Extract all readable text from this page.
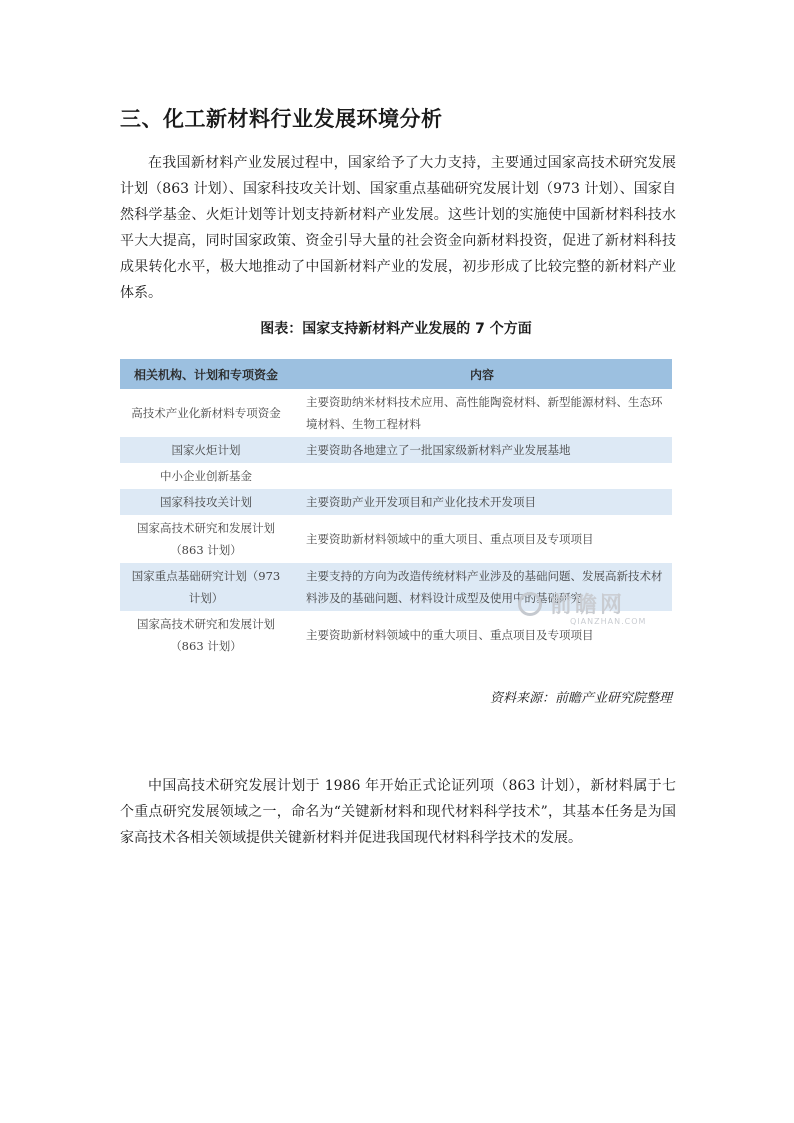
三、化工新材料行业发展环境分析

在我国新材料产业发展过程中，国家给予了大力支持，主要通过国家高技术研究发展计划（863 计划）、国家科技攻关计划、国家重点基础研究发展计划（973 计划）、国家自然科学基金、火炬计划等计划支持新材料产业发展。这些计划的实施使中国新材料科技水平大大提高，同时国家政策、资金引导大量的社会资金向新材料投资，促进了新材料科技成果转化水平，极大地推动了中国新材料产业的发展，初步形成了比较完整的新材料产业体系。

图表：国家支持新材料产业发展的 7 个方面
相关机构、计划和专项资金	内容
高技术产业化新材料专项资金	主要资助纳米材料技术应用、高性能陶瓷材料、新型能源材料、生态环境材料、生物工程材料
国家火炬计划	主要资助各地建立了一批国家级新材料产业发展基地
中小企业创新基金	
国家科技攻关计划	主要资助产业开发项目和产业化技术开发项目
国家高技术研究和发展计划（863 计划）	主要资助新材料领域中的重大项目、重点项目及专项项目
国家重点基础研究计划（973 计划）	主要支持的方向为改造传统材料产业涉及的基础问题、发展高新技术材料涉及的基础问题、材料设计成型及使用中的基础研究
国家高技术研究和发展计划（863 计划）	主要资助新材料领域中的重大项目、重点项目及专项项目
前瞻网
QIANZHAN.COM
资料来源：前瞻产业研究院整理

中国高技术研究发展计划于 1986 年开始正式论证列项（863 计划），新材料属于七个重点研究发展领域之一，命名为“关键新材料和现代材料科学技术”，其基本任务是为国家高技术各相关领域提供关键新材料并促进我国现代材料科学技术的发展。
